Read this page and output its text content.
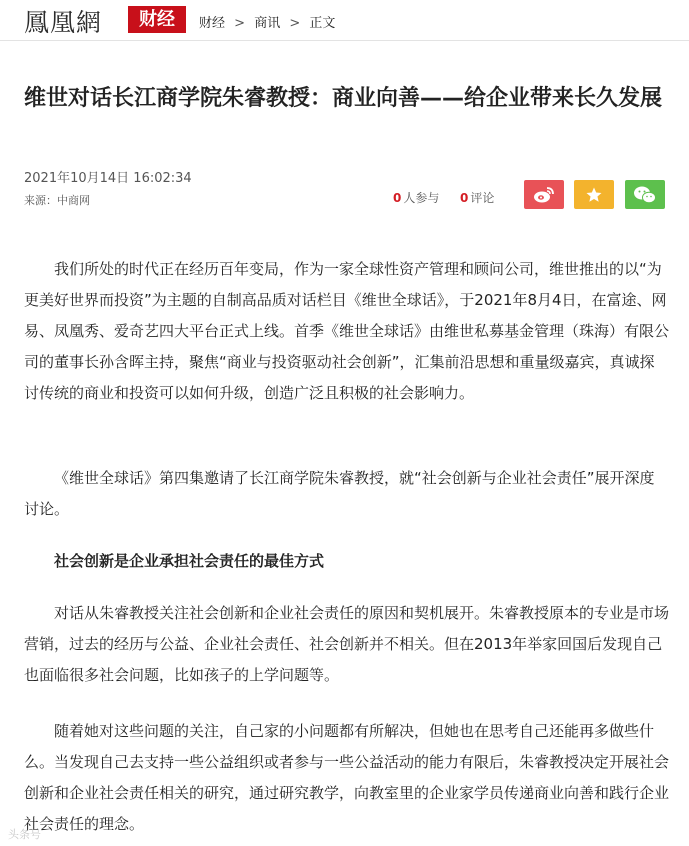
鳳凰網	财经	财经 > 商讯 > 正文
维世对话长江商学院朱睿教授：商业向善——给企业带来长久发展
2021年10月14日 16:02:34
来源：中商网	0 人参与 0 评论

我们所处的时代正在经历百年变局，作为一家全球性资产管理和顾问公司，维世推出的以“为更美好世界而投资”为主题的自制高品质对话栏目《维世全球话》，于2021年8月4日，在富途、网易、凤凰秀、爱奇艺四大平台正式上线。首季《维世全球话》由维世私募基金管理（珠海）有限公司的董事长孙含晖主持，聚焦“商业与投资驱动社会创新”，汇集前沿思想和重量级嘉宾，真诚探讨传统的商业和投资可以如何升级，创造广泛且积极的社会影响力。

《维世全球话》第四集邀请了长江商学院朱睿教授，就“社会创新与企业社会责任”展开深度讨论。

社会创新是企业承担社会责任的最佳方式

对话从朱睿教授关注社会创新和企业社会责任的原因和契机展开。朱睿教授原本的专业是市场营销，过去的经历与公益、企业社会责任、社会创新并不相关。但在2013年举家回国后发现自己也面临很多社会问题，比如孩子的上学问题等。

随着她对这些问题的关注，自己家的小问题都有所解决，但她也在思考自己还能再多做些什么。当发现自己去支持一些公益组织或者参与一些公益活动的能力有限后，朱睿教授决定开展社会创新和企业社会责任相关的研究，通过研究教学，向教室里的企业家学员传递商业向善和践行企业社会责任的理念。

头条号
